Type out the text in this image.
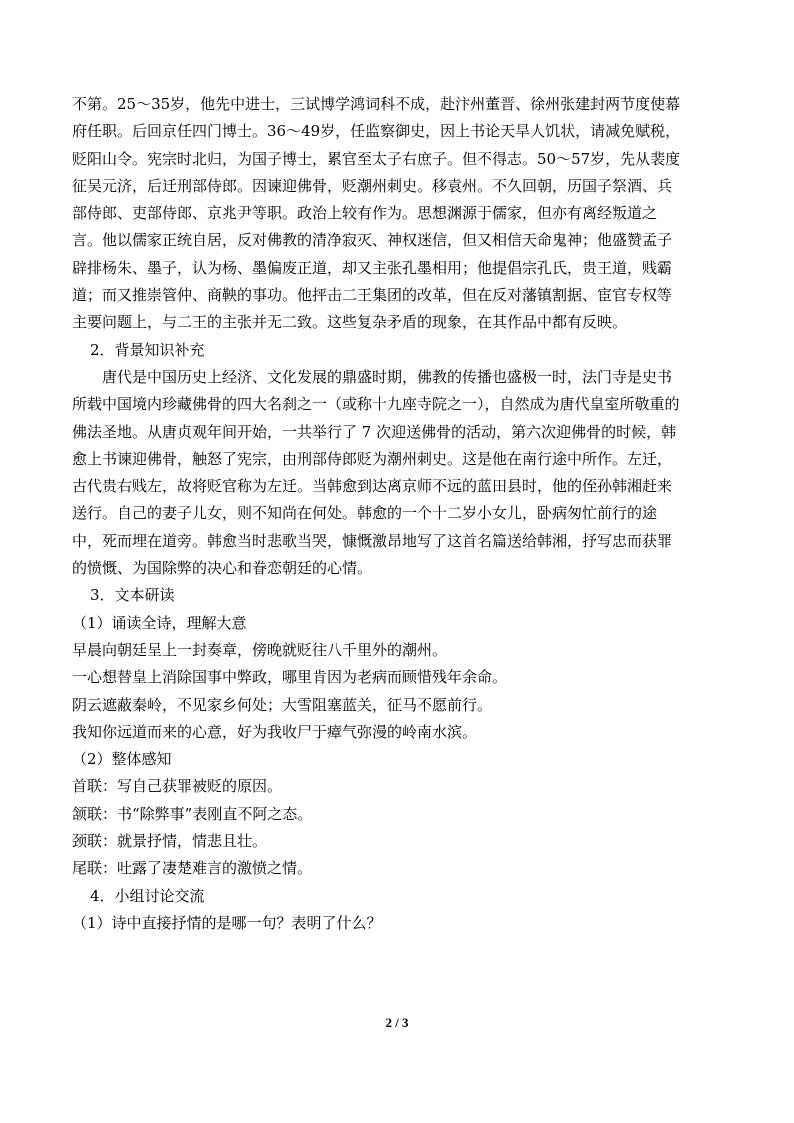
不第。25～35岁，他先中进士，三试博学鸿词科不成，赴汴州董晋、徐州张建封两节度使幕
府任职。后回京任四门博士。36～49岁，任监察御史，因上书论天旱人饥状，请减免赋税，
贬阳山令。宪宗时北归，为国子博士，累官至太子右庶子。但不得志。50～57岁，先从裴度
征吴元济，后迁刑部侍郎。因谏迎佛骨，贬潮州刺史。移袁州。不久回朝，历国子祭酒、兵
部侍郎、吏部侍郎、京兆尹等职。政治上较有作为。思想渊源于儒家，但亦有离经叛道之
言。他以儒家正统自居，反对佛教的清净寂灭、神权迷信，但又相信天命鬼神；他盛赞孟子
辟排杨朱、墨子，认为杨、墨偏废正道，却又主张孔墨相用；他提倡宗孔氏，贵王道，贱霸
道；而又推崇管仲、商鞅的事功。他抨击二王集团的改革，但在反对藩镇割据、宦官专权等
主要问题上，与二王的主张并无二致。这些复杂矛盾的现象，在其作品中都有反映。
2．背景知识补充
唐代是中国历史上经济、文化发展的鼎盛时期，佛教的传播也盛极一时，法门寺是史书
所载中国境内珍藏佛骨的四大名刹之一（或称十九座寺院之一），自然成为唐代皇室所敬重的
佛法圣地。从唐贞观年间开始，一共举行了 7 次迎送佛骨的活动，第六次迎佛骨的时候，韩
愈上书谏迎佛骨，触怒了宪宗，由刑部侍郎贬为潮州刺史。这是他在南行途中所作。左迁，
古代贵右贱左，故将贬官称为左迁。当韩愈到达离京师不远的蓝田县时，他的侄孙韩湘赶来
送行。自己的妻子儿女，则不知尚在何处。韩愈的一个十二岁小女儿，卧病匆忙前行的途
中，死而埋在道旁。韩愈当时悲歌当哭，慷慨激昂地写了这首名篇送给韩湘，抒写忠而获罪
的愤慨、为国除弊的决心和眷恋朝廷的心情。
3．文本研读
（1）诵读全诗，理解大意
早晨向朝廷呈上一封奏章，傍晚就贬往八千里外的潮州。
一心想替皇上消除国事中弊政，哪里肯因为老病而顾惜残年余命。
阴云遮蔽秦岭，不见家乡何处；大雪阻塞蓝关，征马不愿前行。
我知你远道而来的心意，好为我收尸于瘴气弥漫的岭南水滨。
（2）整体感知
首联：写自己获罪被贬的原因。
颔联：书“除弊事”表刚直不阿之态。
颈联：就景抒情，情悲且壮。
尾联：吐露了凄楚难言的激愤之情。
4．小组讨论交流
（1）诗中直接抒情的是哪一句？表明了什么？
2 / 3
